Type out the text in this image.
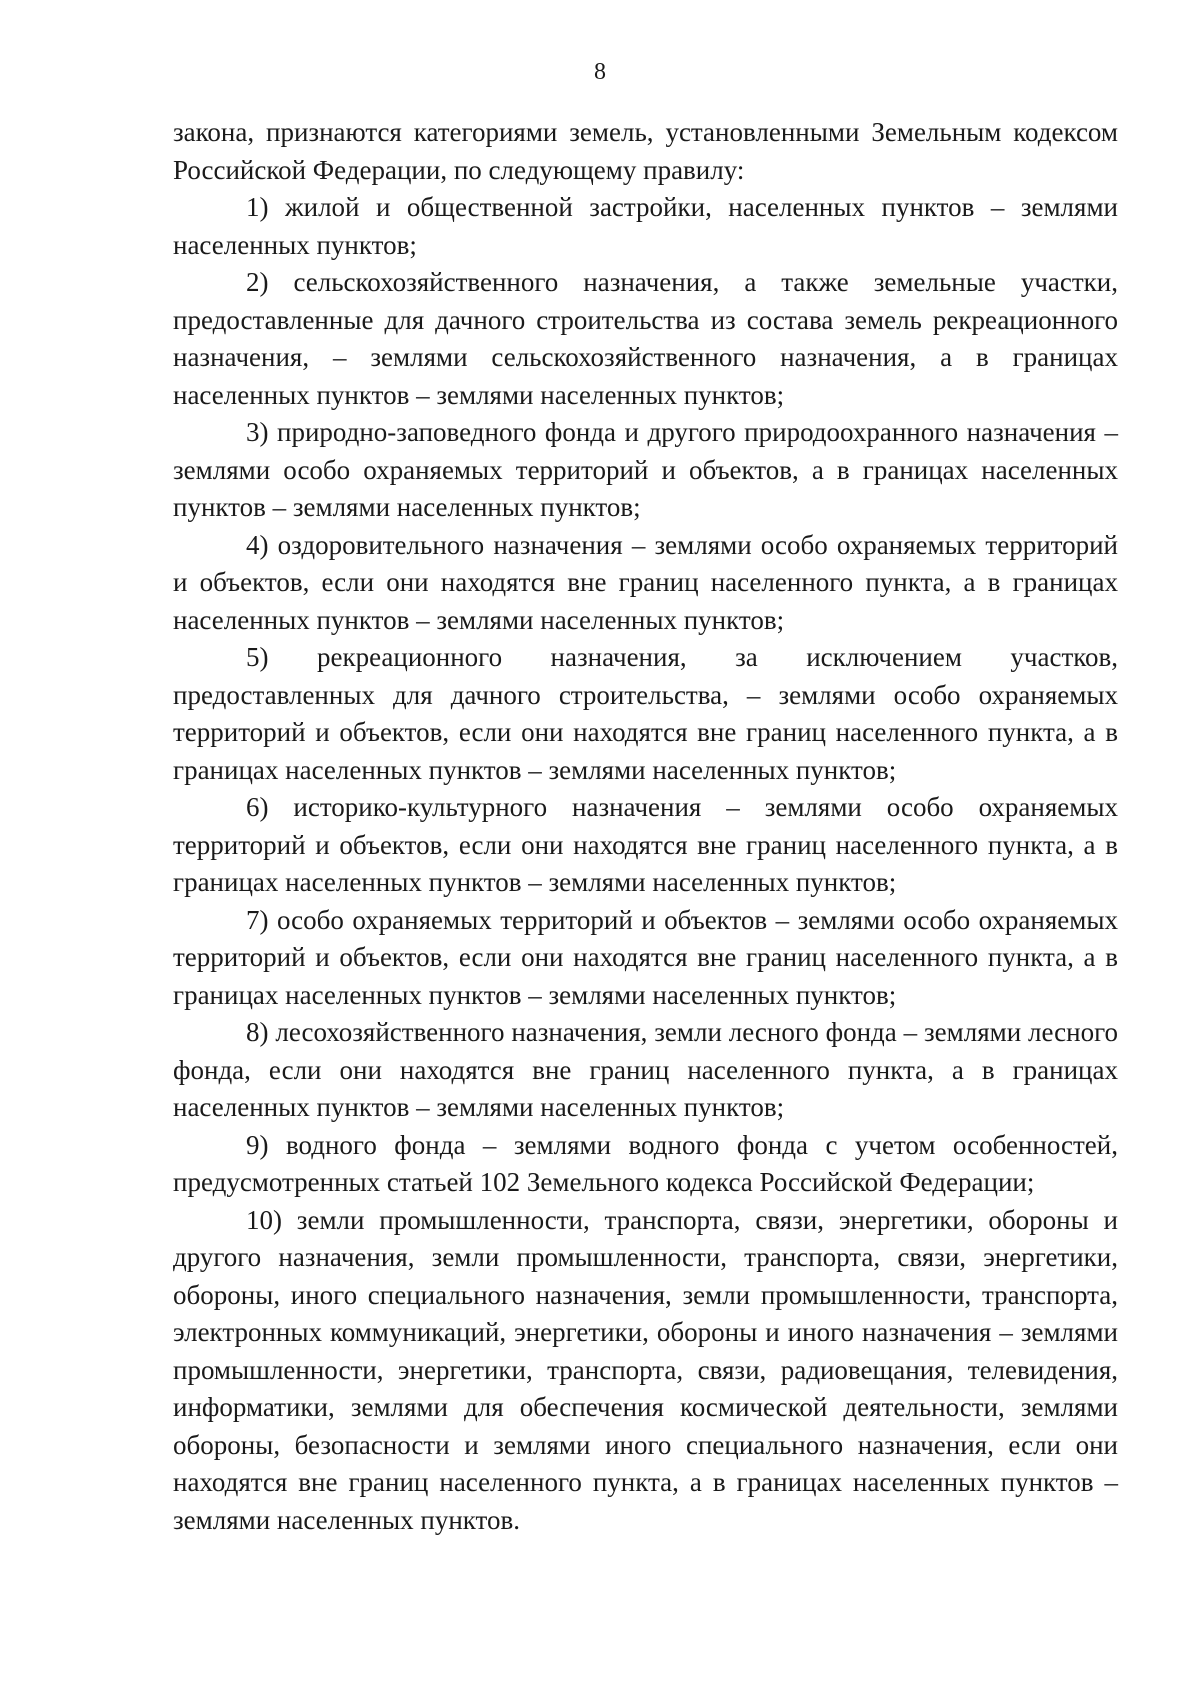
8

закона, признаются категориями земель, установленными Земельным кодексом Российской Федерации, по следующему правилу:

1) жилой и общественной застройки, населенных пунктов – землями населенных пунктов;

2) сельскохозяйственного назначения, а также земельные участки, предоставленные для дачного строительства из состава земель рекреационного назначения, – землями сельскохозяйственного назначения, а в границах населенных пунктов – землями населенных пунктов;

3) природно-заповедного фонда и другого природоохранного назначения – землями особо охраняемых территорий и объектов, а в границах населенных пунктов – землями населенных пунктов;

4) оздоровительного назначения – землями особо охраняемых территорий и объектов, если они находятся вне границ населенного пункта, а в границах населенных пунктов – землями населенных пунктов;

5) рекреационного назначения, за исключением участков, предоставленных для дачного строительства, – землями особо охраняемых территорий и объектов, если они находятся вне границ населенного пункта, а в границах населенных пунктов – землями населенных пунктов;

6) историко-культурного назначения – землями особо охраняемых территорий и объектов, если они находятся вне границ населенного пункта, а в границах населенных пунктов – землями населенных пунктов;

7) особо охраняемых территорий и объектов – землями особо охраняемых территорий и объектов, если они находятся вне границ населенного пункта, а в границах населенных пунктов – землями населенных пунктов;

8) лесохозяйственного назначения, земли лесного фонда – землями лесного фонда, если они находятся вне границ населенного пункта, а в границах населенных пунктов – землями населенных пунктов;

9) водного фонда – землями водного фонда с учетом особенностей, предусмотренных статьей 102 Земельного кодекса Российской Федерации;

10) земли промышленности, транспорта, связи, энергетики, обороны и другого назначения, земли промышленности, транспорта, связи, энергетики, обороны, иного специального назначения, земли промышленности, транспорта, электронных коммуникаций, энергетики, обороны и иного назначения – землями промышленности, энергетики, транспорта, связи, радиовещания, телевидения, информатики, землями для обеспечения космической деятельности, землями обороны, безопасности и землями иного специального назначения, если они находятся вне границ населенного пункта, а в границах населенных пунктов – землями населенных пунктов.
